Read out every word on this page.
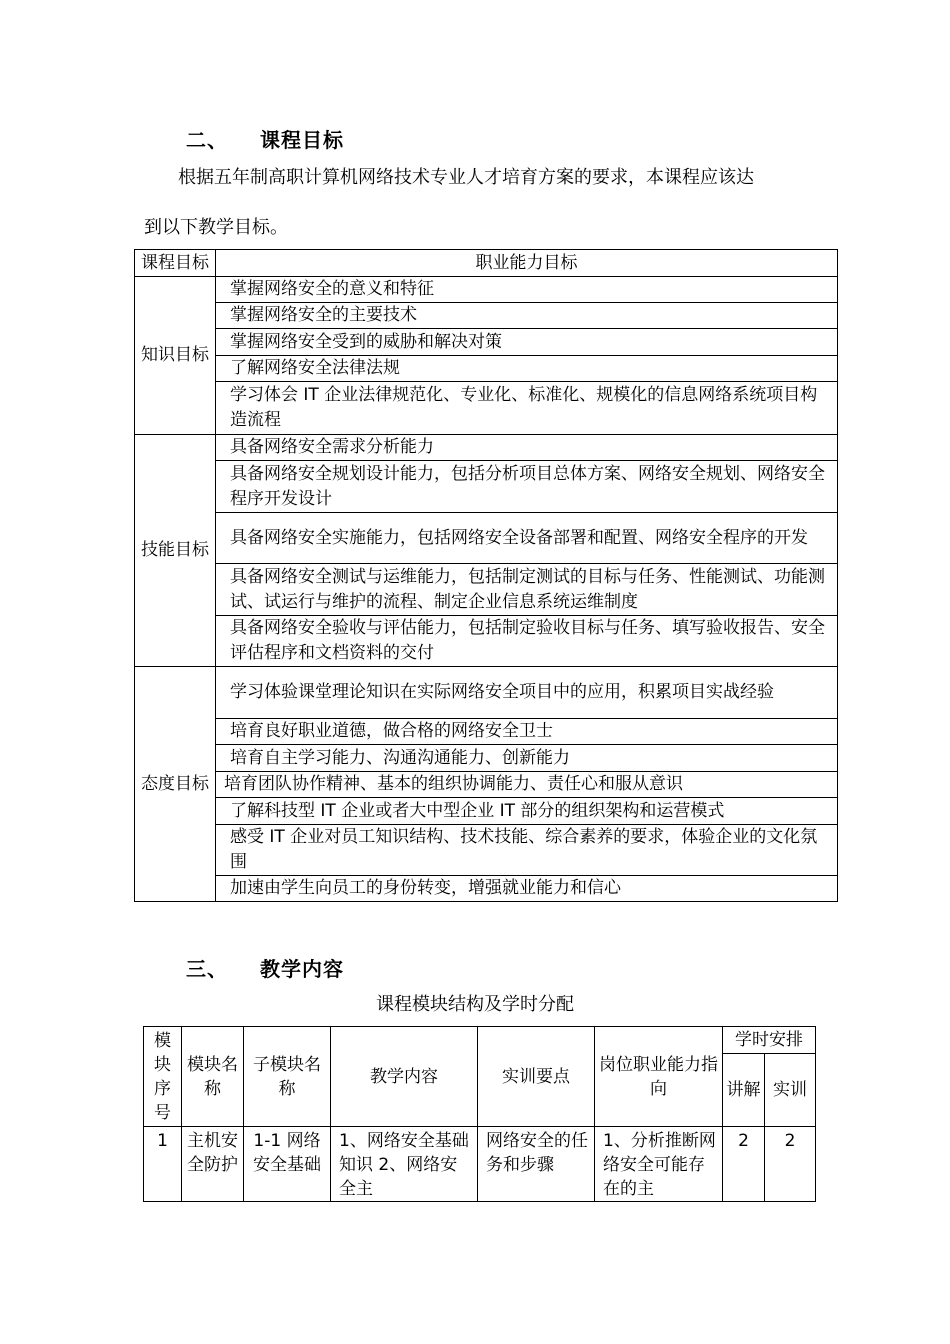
二、 课程目标
根据五年制高职计算机网络技术专业人才培育方案的要求，本课程应该达
到以下教学目标。
课程目标	职业能力目标
知识目标	掌握网络安全的意义和特征
	掌握网络安全的主要技术
	掌握网络安全受到的威胁和解决对策
	了解网络安全法律法规
	学习体会 IT 企业法律规范化、专业化、标准化、规模化的信息网络系统项目构造流程
技能目标	具备网络安全需求分析能力
	具备网络安全规划设计能力，包括分析项目总体方案、网络安全规划、网络安全程序开发设计
	具备网络安全实施能力，包括网络安全设备部署和配置、网络安全程序的开发
	具备网络安全测试与运维能力，包括制定测试的目标与任务、性能测试、功能测试、试运行与维护的流程、制定企业信息系统运维制度
	具备网络安全验收与评估能力，包括制定验收目标与任务、填写验收报告、安全评估程序和文档资料的交付
态度目标	学习体验课堂理论知识在实际网络安全项目中的应用，积累项目实战经验
	培育良好职业道德，做合格的网络安全卫士
	培育自主学习能力、沟通沟通能力、创新能力
	培育团队协作精神、基本的组织协调能力、责任心和服从意识
	了解科技型 IT 企业或者大中型企业 IT 部分的组织架构和运营模式
	感受 IT 企业对员工知识结构、技术技能、综合素养的要求，体验企业的文化氛围
	加速由学生向员工的身份转变，增强就业能力和信心
三、 教学内容
课程模块结构及学时分配
模块序号	模块名称	子模块名称	教学内容	实训要点	岗位职业能力指向	学时安排	
						讲解	实训
1	主机安全防护	1-1 网络安全基础	1、网络安全基础知识 2、网络安全主	网络安全的任务和步骤	1、分析推断网络安全可能存在的主	2	2
